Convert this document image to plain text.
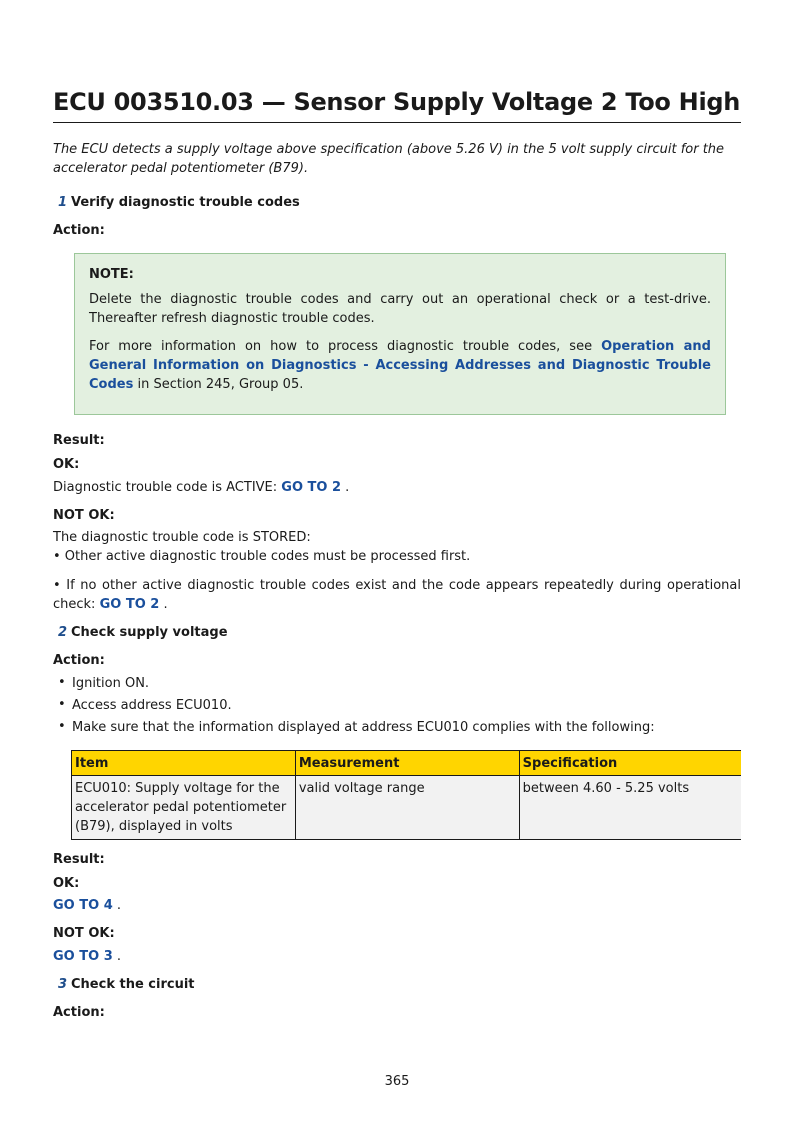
ECU 003510.03 — Sensor Supply Voltage 2 Too High
The ECU detects a supply voltage above specification (above 5.26 V) in the 5 volt supply circuit for the accelerator pedal potentiometer (B79).
1 Verify diagnostic trouble codes
Action:

NOTE:

Delete the diagnostic trouble codes and carry out an operational check or a test-drive. Thereafter refresh diagnostic trouble codes.

For more information on how to process diagnostic trouble codes, see Operation and General Information on Diagnostics - Accessing Addresses and Diagnostic Trouble Codes in Section 245, Group 05.

Result:
OK:
Diagnostic trouble code is ACTIVE: GO TO 2 .
NOT OK:
The diagnostic trouble code is STORED:
• Other active diagnostic trouble codes must be processed first.
• If no other active diagnostic trouble codes exist and the code appears repeatedly during operational check: GO TO 2 .
2 Check supply voltage
Action:
• Ignition ON.
• Access address ECU010.
• Make sure that the information displayed at address ECU010 complies with the following:
Item	Measurement	Specification
ECU010: Supply voltage for the accelerator pedal potentiometer (B79), displayed in volts	valid voltage range	between 4.60 - 5.25 volts
Result:
OK:
GO TO 4 .
NOT OK:
GO TO 3 .
3 Check the circuit
Action:
365
